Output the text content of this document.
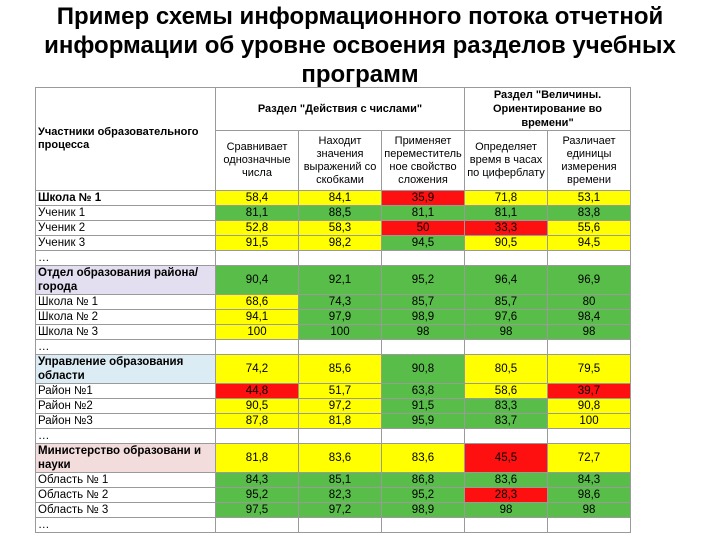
Пример схемы информационного потока отчетной информации об уровне освоения разделов учебных программ
Участники образовательного процесса	Раздел "Действия с числами"			Раздел "Величины. Ориентирование во времени"	
	Сравнивает однозначные числа	Находит значения выражений со скобками	Применяет переместитель ное свойство сложения	Определяет время в часах по циферблату	Различает единицы измерения времени
Школа № 1	58,4	84,1	35,9	71,8	53,1
Ученик 1	81,1	88,5	81,1	81,1	83,8
Ученик 2	52,8	58,3	50	33,3	55,6
Ученик 3	91,5	98,2	94,5	90,5	94,5
…					
Отдел образования района/города	90,4	92,1	95,2	96,4	96,9
Школа № 1	68,6	74,3	85,7	85,7	80
Школа № 2	94,1	97,9	98,9	97,6	98,4
Школа № 3	100	100	98	98	98
…					
Управление образования области	74,2	85,6	90,8	80,5	79,5
Район №1	44,8	51,7	63,8	58,6	39,7
Район №2	90,5	97,2	91,5	83,3	90,8
Район №3	87,8	81,8	95,9	83,7	100
…					
Министерство образовани и науки	81,8	83,6	83,6	45,5	72,7
Область № 1	84,3	85,1	86,8	83,6	84,3
Область № 2	95,2	82,3	95,2	28,3	98,6
Область № 3	97,5	97,2	98,9	98	98
…					
